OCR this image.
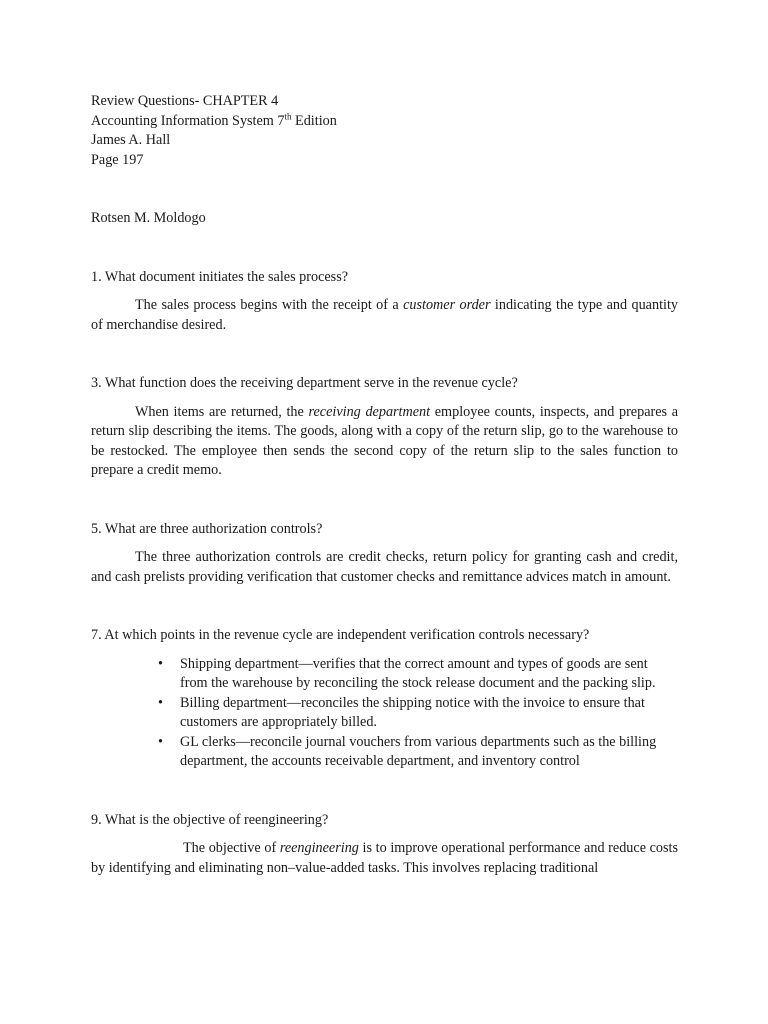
Review Questions- CHAPTER 4
Accounting Information System 7th Edition
James A. Hall
Page 197
Rotsen M. Moldogo
1. What document initiates the sales process?
The sales process begins with the receipt of a customer order indicating the type and quantity of merchandise desired.
3. What function does the receiving department serve in the revenue cycle?
When items are returned, the receiving department employee counts, inspects, and prepares a return slip describing the items. The goods, along with a copy of the return slip, go to the warehouse to be restocked. The employee then sends the second copy of the return slip to the sales function to prepare a credit memo.
5. What are three authorization controls?
The three authorization controls are credit checks, return policy for granting cash and credit, and cash prelists providing verification that customer checks and remittance advices match in amount.
7. At which points in the revenue cycle are independent verification controls necessary?
• Shipping department—verifies that the correct amount and types of goods are sent from the warehouse by reconciling the stock release document and the packing slip.
• Billing department—reconciles the shipping notice with the invoice to ensure that customers are appropriately billed.
• GL clerks—reconcile journal vouchers from various departments such as the billing department, the accounts receivable department, and inventory control
9. What is the objective of reengineering?
The objective of reengineering is to improve operational performance and reduce costs by identifying and eliminating non–value-added tasks. This involves replacing traditional
